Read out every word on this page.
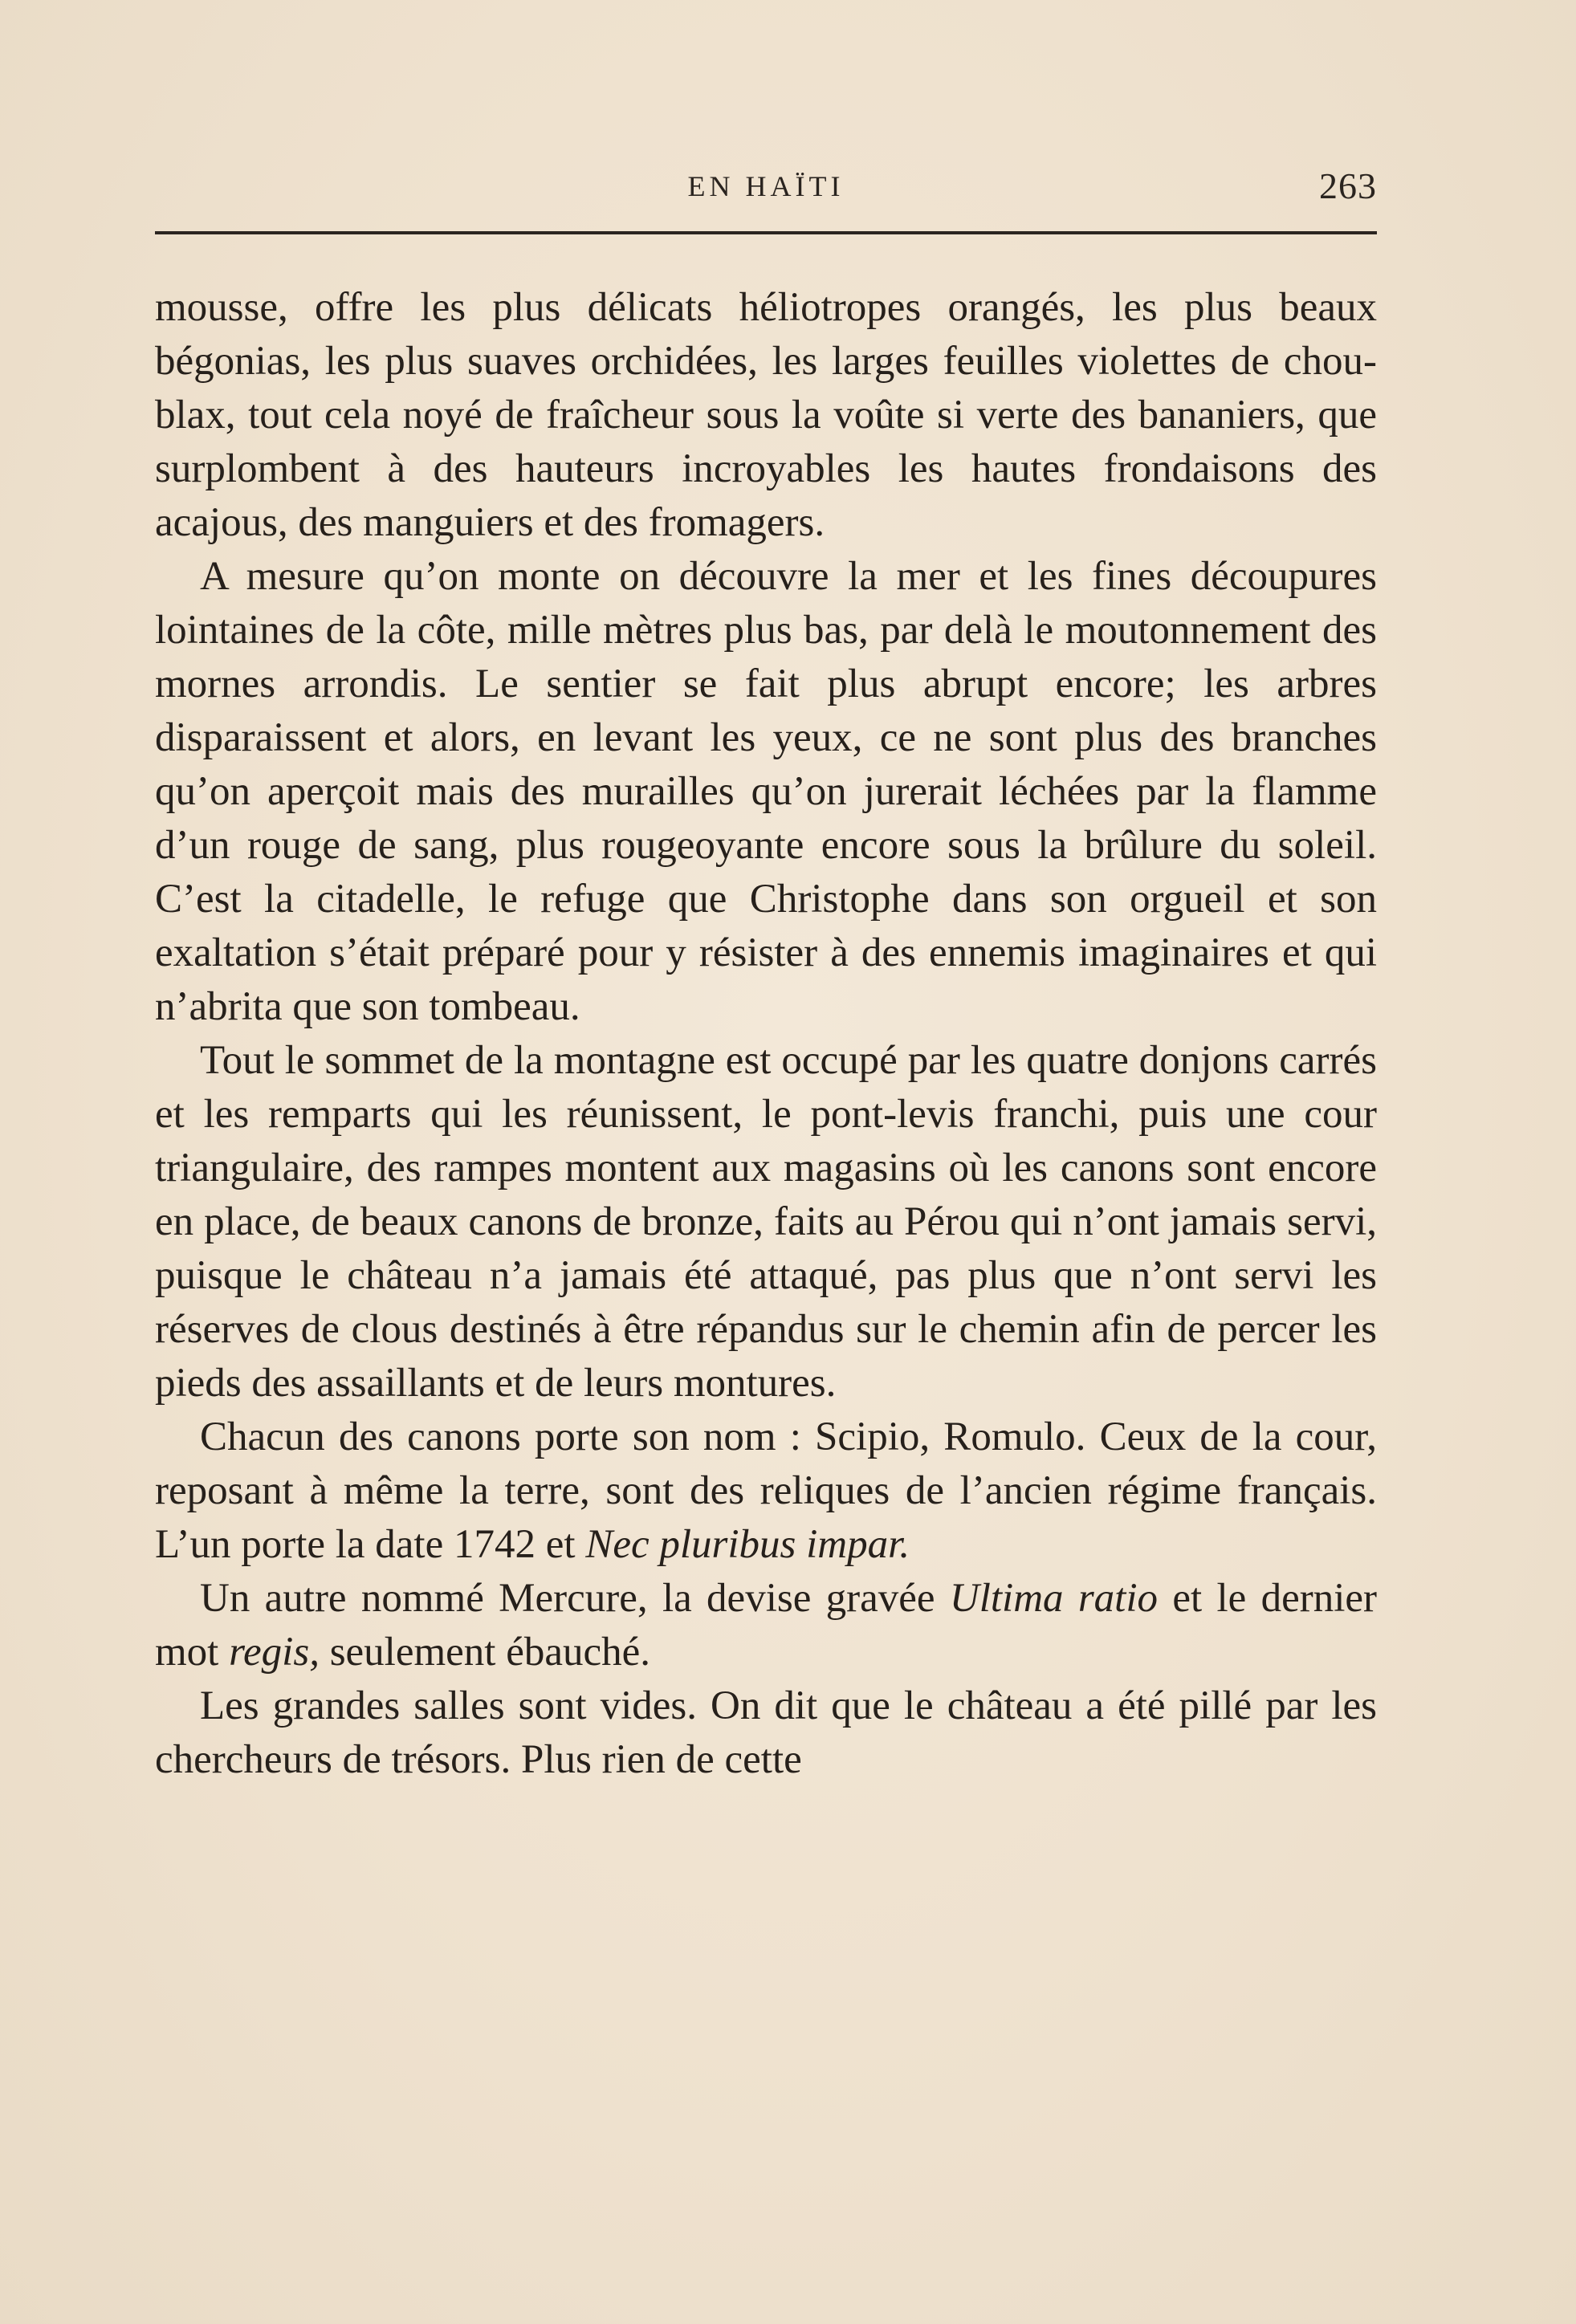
EN HAÏTI	263

mousse, offre les plus délicats héliotropes orangés, les plus beaux bégonias, les plus suaves orchidées, les larges feuilles violettes de chou-blax, tout cela noyé de fraîcheur sous la voûte si verte des bananiers, que surplombent à des hauteurs incroyables les hautes frondaisons des acajous, des manguiers et des fromagers.

A mesure qu’on monte on découvre la mer et les fines découpures lointaines de la côte, mille mètres plus bas, par delà le moutonnement des mornes arrondis. Le sentier se fait plus abrupt encore; les arbres disparaissent et alors, en levant les yeux, ce ne sont plus des branches qu’on aperçoit mais des murailles qu’on jurerait léchées par la flamme d’un rouge de sang, plus rougeoyante encore sous la brûlure du soleil. C’est la citadelle, le refuge que Christophe dans son orgueil et son exaltation s’était préparé pour y résister à des ennemis imaginaires et qui n’abrita que son tombeau.

Tout le sommet de la montagne est occupé par les quatre donjons carrés et les remparts qui les réunissent, le pont-levis franchi, puis une cour triangulaire, des rampes montent aux magasins où les canons sont encore en place, de beaux canons de bronze, faits au Pérou qui n’ont jamais servi, puisque le château n’a jamais été attaqué, pas plus que n’ont servi les réserves de clous destinés à être répandus sur le chemin afin de percer les pieds des assaillants et de leurs montures.

Chacun des canons porte son nom : Scipio, Romulo. Ceux de la cour, reposant à même la terre, sont des reliques de l’ancien régime français. L’un porte la date 1742 et Nec pluribus impar.

Un autre nommé Mercure, la devise gravée Ultima ratio et le dernier mot regis, seulement ébauché.

Les grandes salles sont vides. On dit que le château a été pillé par les chercheurs de trésors. Plus rien de cette
